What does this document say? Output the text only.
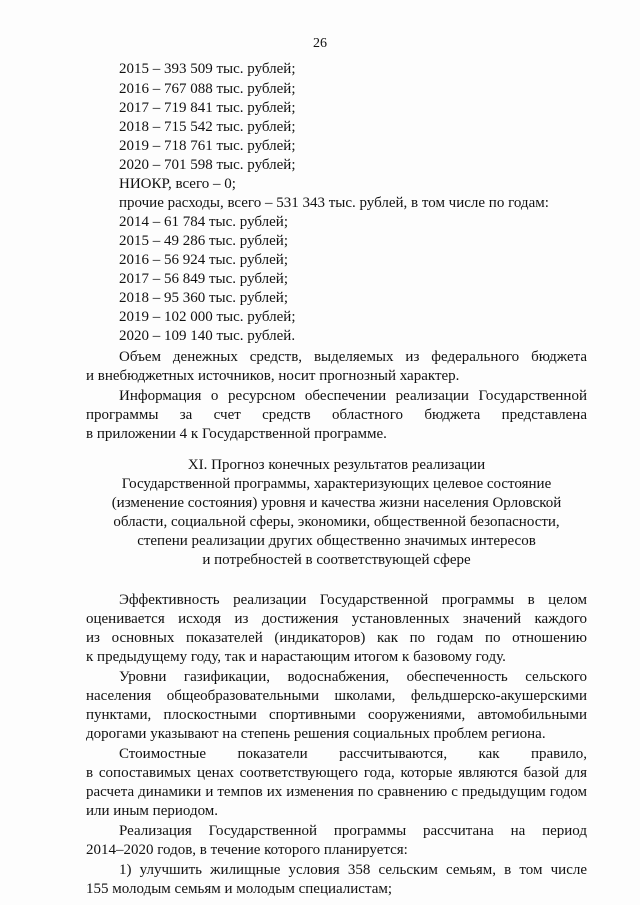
26
2015 – 393 509 тыс. рублей;
2016 – 767 088 тыс. рублей;
2017 – 719 841 тыс. рублей;
2018 – 715 542 тыс. рублей;
2019 – 718 761 тыс. рублей;
2020 – 701 598 тыс. рублей;
НИОКР, всего – 0;
прочие расходы, всего – 531 343 тыс. рублей, в том числе по годам:
2014 – 61 784 тыс. рублей;
2015 – 49 286 тыс. рублей;
2016 – 56 924 тыс. рублей;
2017 – 56 849 тыс. рублей;
2018 – 95 360 тыс. рублей;
2019 – 102 000 тыс. рублей;
2020 – 109 140 тыс. рублей.
Объем денежных средств, выделяемых из федерального бюджета
и внебюджетных источников, носит прогнозный характер.
Информация о ресурсном обеспечении реализации Государственной
программы за счет средств областного бюджета представлена
в приложении 4 к Государственной программе.
XI. Прогноз конечных результатов реализации
Государственной программы, характеризующих целевое состояние
(изменение состояния) уровня и качества жизни населения Орловской
области, социальной сферы, экономики, общественной безопасности,
степени реализации других общественно значимых интересов
и потребностей в соответствующей сфере
Эффективность реализации Государственной программы в целом
оценивается исходя из достижения установленных значений каждого
из основных показателей (индикаторов) как по годам по отношению
к предыдущему году, так и нарастающим итогом к базовому году.
Уровни газификации, водоснабжения, обеспеченность сельского
населения общеобразовательными школами, фельдшерско-акушерскими
пунктами, плоскостными спортивными сооружениями, автомобильными
дорогами указывают на степень решения социальных проблем региона.
Стоимостные показатели рассчитываются, как правило,
в сопоставимых ценах соответствующего года, которые являются базой для
расчета динамики и темпов их изменения по сравнению с предыдущим годом
или иным периодом.
Реализация Государственной программы рассчитана на период
2014–2020 годов, в течение которого планируется:
1) улучшить жилищные условия 358 сельским семьям, в том числе
155 молодым семьям и молодым специалистам;
